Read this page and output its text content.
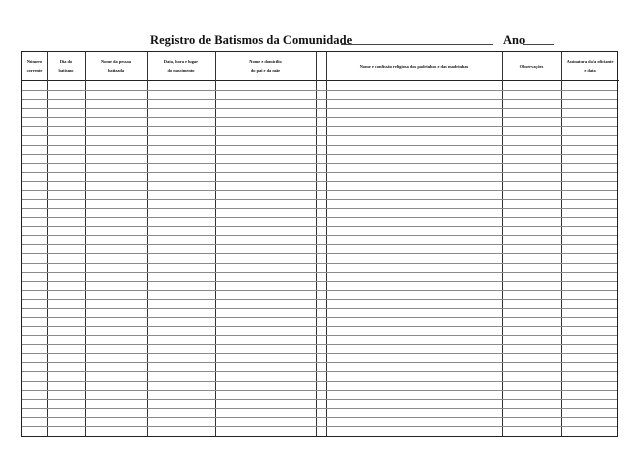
Registro de Batismos da Comunidade	Ano
Número
corrente
Dia do
batismo
Nome da pessoa
batizada
Data, hora e lugar
do nascimento
Nome e domicílio
do pai e da mãe
Nome e confissão religiosa dos padrinhos e das madrinhas	Observações
Assinatura do/a oficiante
e data
